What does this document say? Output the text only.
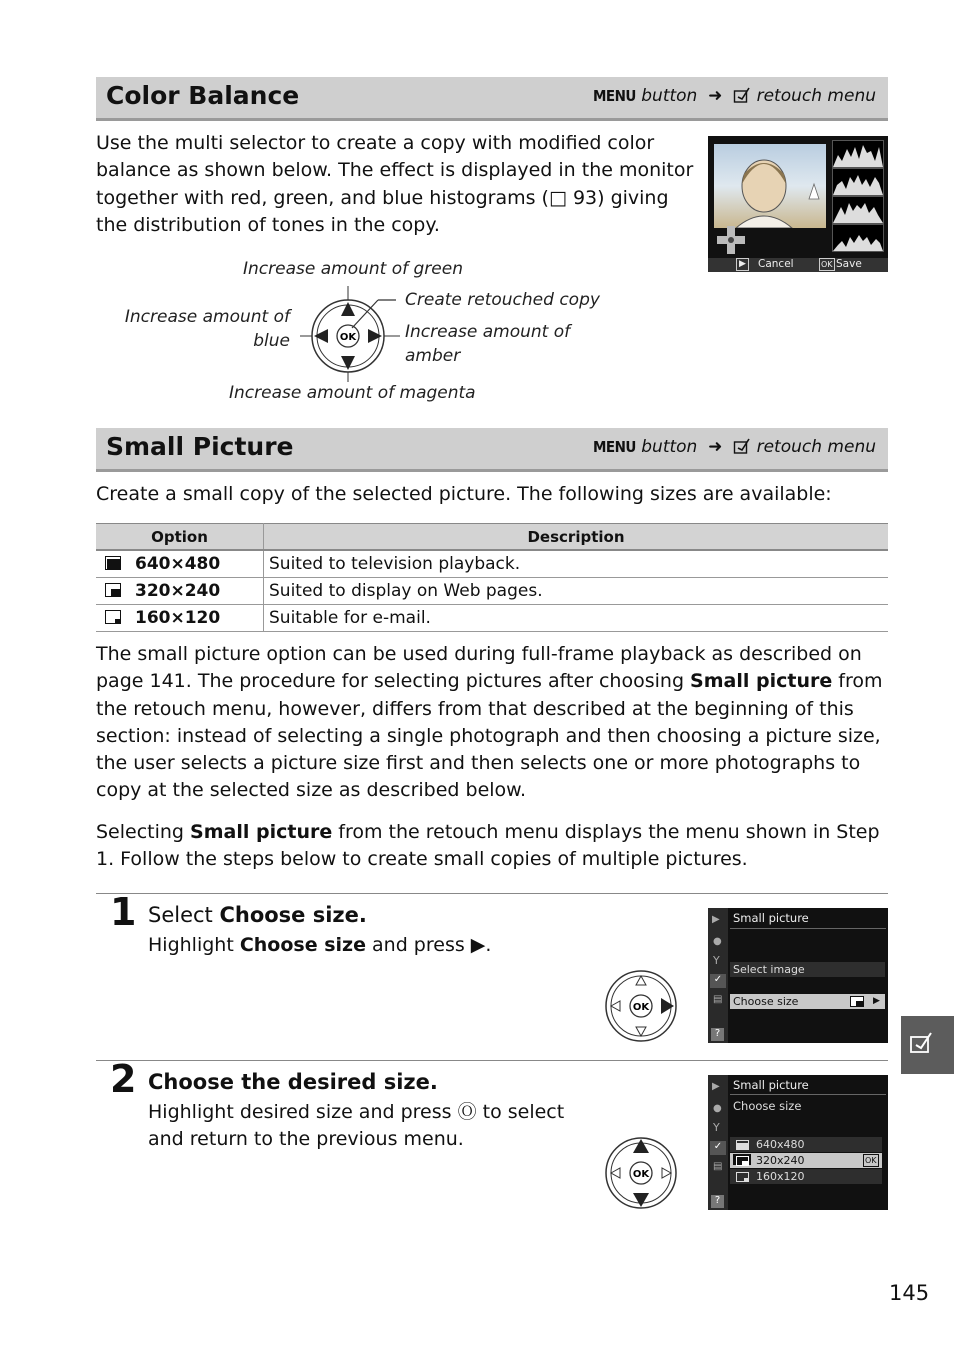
Color Balance	MENU button ➜ retouch menu
Use the multi selector to create a copy with modified color balance as shown below. The effect is displayed in the monitor together with red, green, and blue histograms (□ 93) giving the distribution of tones in the copy.
▶ Cancel	OK Save
Increase amount of green
Increase amount of
blue
Create retouched copy
Increase amount of
amber
Increase amount of magenta
OK
Small Picture	MENU button ➜ retouch menu
Create a small copy of the selected picture. The following sizes are available:
Option	Description

640×480	Suited to television playback.

320×240	Suited to display on Web pages.

160×120	Suitable for e-mail.
The small picture option can be used during full-frame playback as described on page 141. The procedure for selecting pictures after choosing Small picture from the retouch menu, however, differs from that described at the beginning of this section: instead of selecting a single photograph and then choosing a picture size, the user selects a picture size first and then selects one or more photographs to copy at the selected size as described below.
Selecting Small picture from the retouch menu displays the menu shown in Step 1. Follow the steps below to create small copies of multiple pictures.
1 Select Choose size.
Highlight Choose size and press ▶.
OK
▶
●
Y
✓
▤
?
Small picture
Select image
Choose size	▶
2 Choose the desired size.
Highlight desired size and press Ⓞ to select
and return to the previous menu.
OK
▶
●
Y
✓
▤
?
Small picture
Choose size
640x480
320x240	OK
160x120
145
